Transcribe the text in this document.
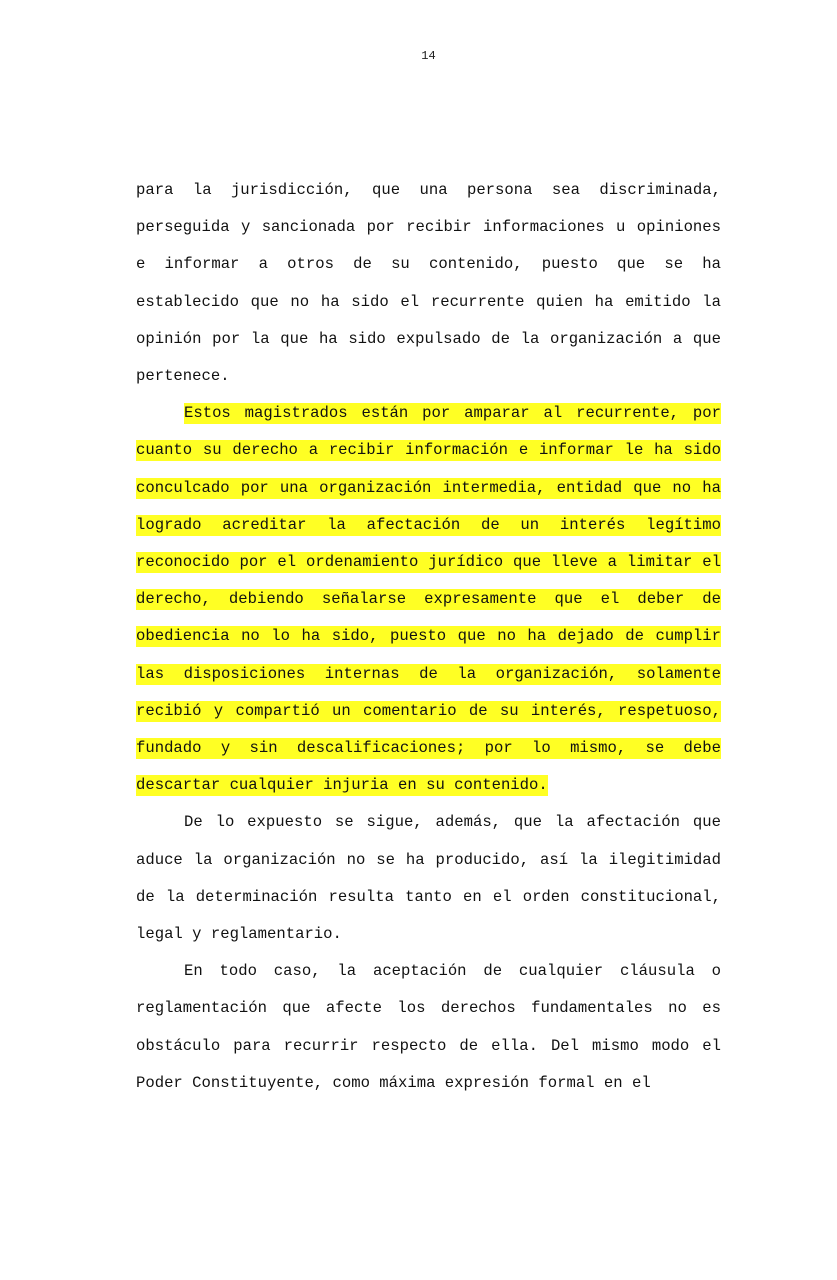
14

para la jurisdicción, que una persona sea discriminada, perseguida y sancionada por recibir informaciones u opiniones e informar a otros de su contenido, puesto que se ha establecido que no ha sido el recurrente quien ha emitido la opinión por la que ha sido expulsado de la organización a que pertenece.

Estos magistrados están por amparar al recurrente, por cuanto su derecho a recibir información e informar le ha sido conculcado por una organización intermedia, entidad que no ha logrado acreditar la afectación de un interés legítimo reconocido por el ordenamiento jurídico que lleve a limitar el derecho, debiendo señalarse expresamente que el deber de obediencia no lo ha sido, puesto que no ha dejado de cumplir las disposiciones internas de la organización, solamente recibió y compartió un comentario de su interés, respetuoso, fundado y sin descalificaciones; por lo mismo, se debe descartar cualquier injuria en su contenido.

De lo expuesto se sigue, además, que la afectación que aduce la organización no se ha producido, así la ilegitimidad de la determinación resulta tanto en el orden constitucional, legal y reglamentario.

En todo caso, la aceptación de cualquier cláusula o reglamentación que afecte los derechos fundamentales no es obstáculo para recurrir respecto de ella. Del mismo modo el Poder Constituyente, como máxima expresión formal en el
